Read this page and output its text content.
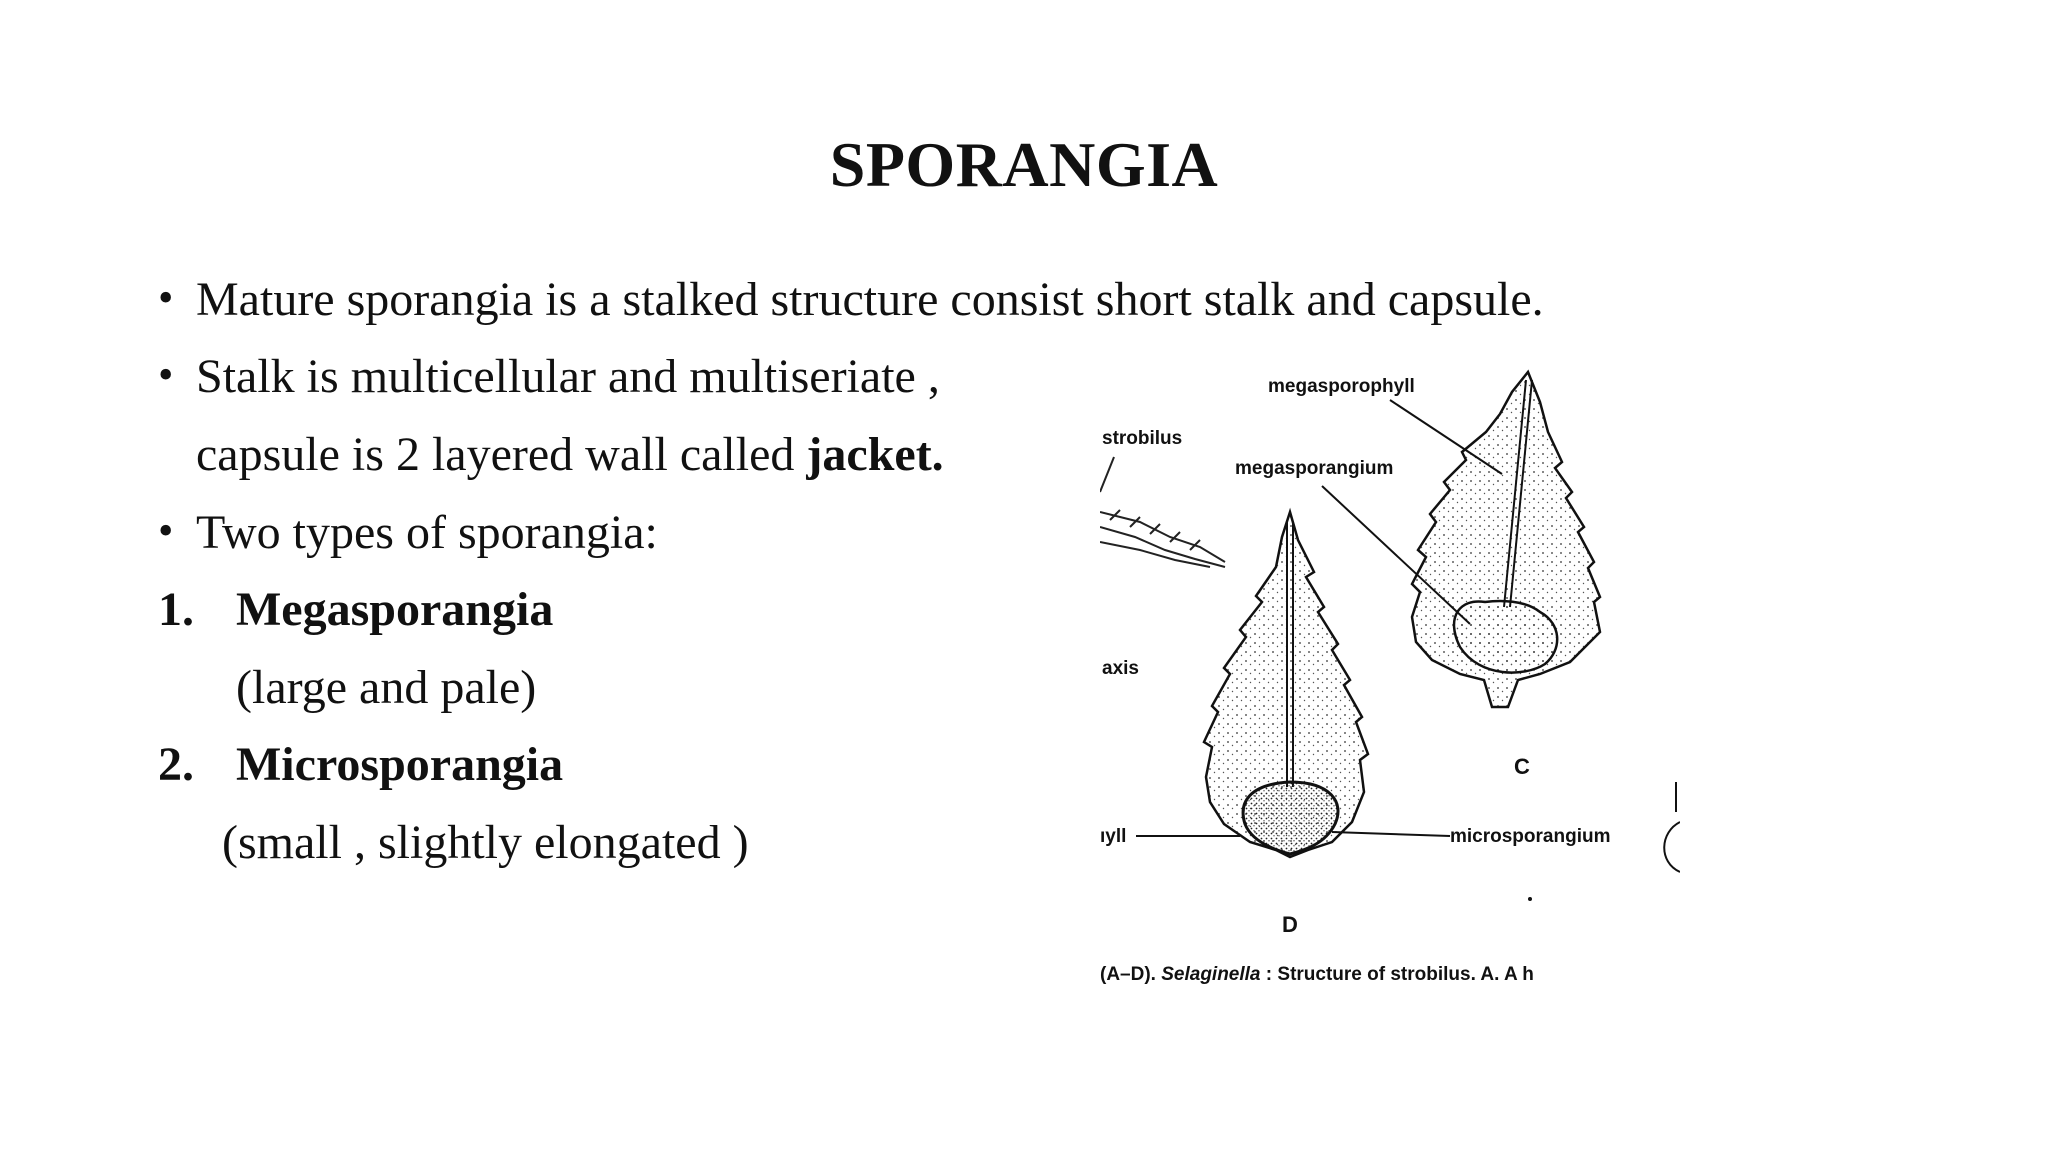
SPORANGIA
• Mature sporangia is a stalked structure consist short stalk and capsule.
• Stalk is multicellular and multiseriate ,
capsule is 2 layered wall called jacket.
• Two types of sporangia:
1. Megasporangia
(large and pale)
2. Microsporangia
(small , slightly elongated )
megasporophyll
strobilus
megasporangium
axis
ıyll	microsporangium
C
D
(A–D). Selaginella : Structure of strobilus. A. A h
